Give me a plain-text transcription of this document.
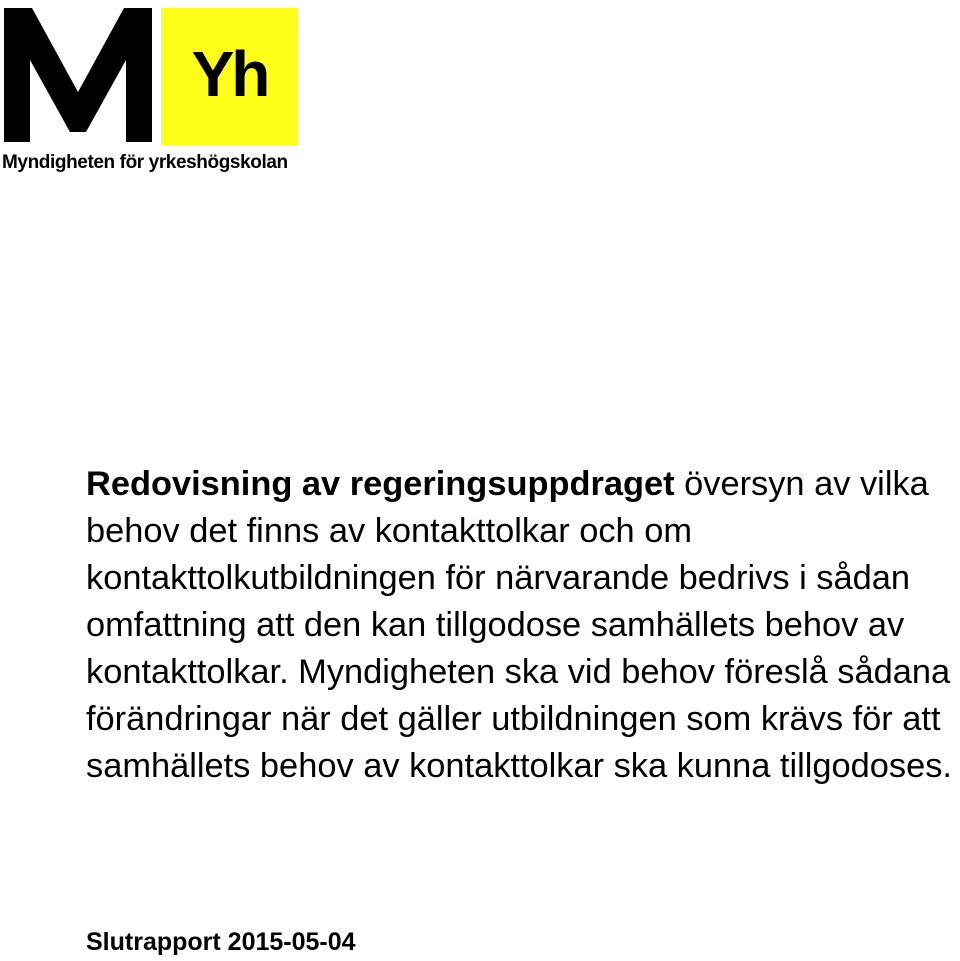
Yh
Myndigheten för yrkeshögskolan

Redovisning av regeringsuppdraget översyn av vilka behov det finns av kontakttolkar och om kontakttolkutbildningen för närvarande bedrivs i sådan omfattning att den kan tillgodose samhällets behov av kontakttolkar. Myndigheten ska vid behov föreslå sådana förändringar när det gäller utbildningen som krävs för att samhällets behov av kontakttolkar ska kunna tillgodoses.

Slutrapport 2015-05-04
